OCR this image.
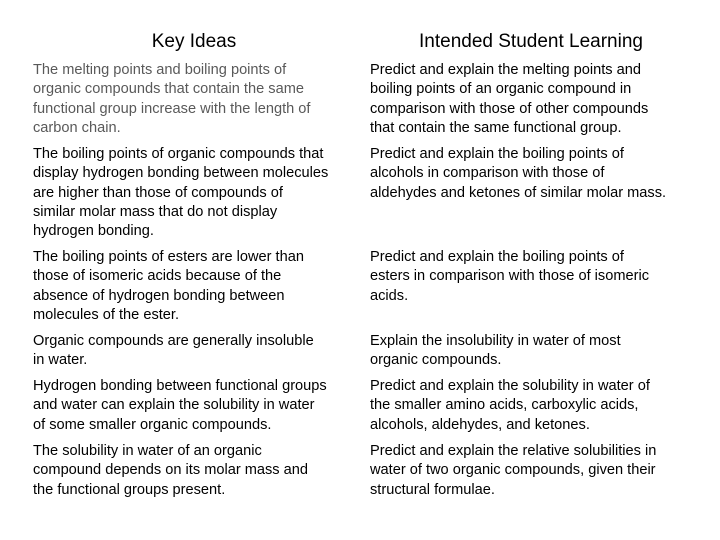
Key Ideas	Intended Student Learning
The melting points and boiling points of
organic compounds that contain the same
functional group increase with the length of
carbon chain.
Predict and explain the melting points and
boiling points of an organic compound in
comparison with those of other compounds
that contain the same functional group.
The boiling points of organic compounds that
display hydrogen bonding between molecules
are higher than those of compounds of
similar molar mass that do not display
hydrogen bonding.
Predict and explain the boiling points of
alcohols in comparison with those of
aldehydes and ketones of similar molar mass.
The boiling points of esters are lower than
those of isomeric acids because of the
absence of hydrogen bonding between
molecules of the ester.
Predict and explain the boiling points of
esters in comparison with those of isomeric
acids.
Organic compounds are generally insoluble
in water.
Explain the insolubility in water of most
organic compounds.
Hydrogen bonding between functional groups
and water can explain the solubility in water
of some smaller organic compounds.
Predict and explain the solubility in water of
the smaller amino acids, carboxylic acids,
alcohols, aldehydes, and ketones.
The solubility in water of an organic
compound depends on its molar mass and
the functional groups present.
Predict and explain the relative solubilities in
water of two organic compounds, given their
structural formulae.
